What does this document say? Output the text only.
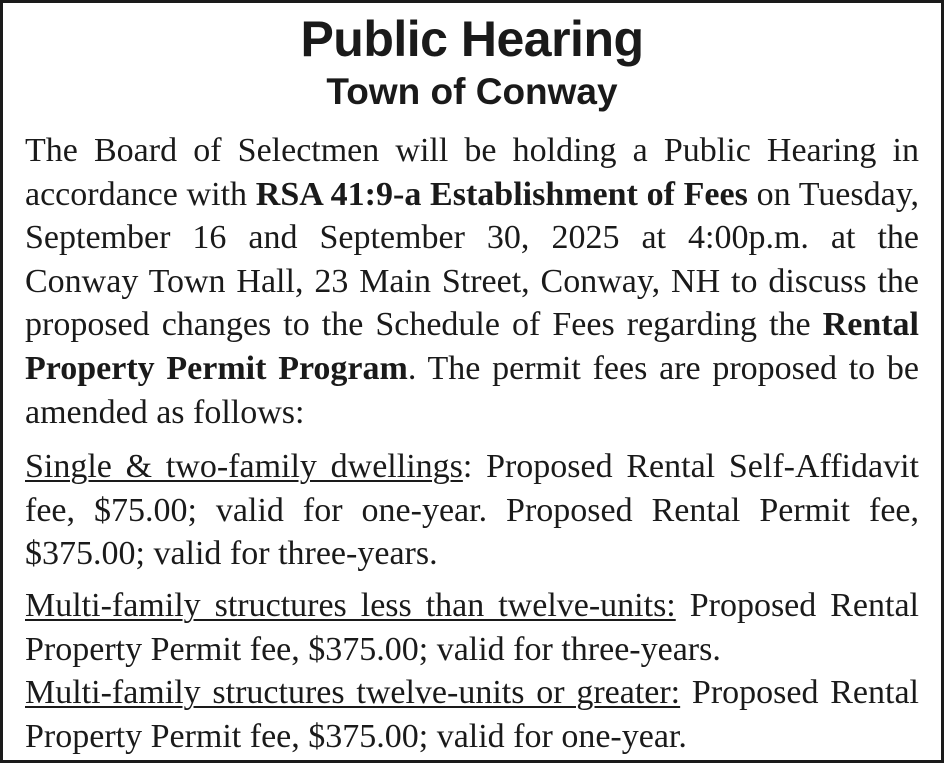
Public Hearing
Town of Conway
The Board of Selectmen will be holding a Public Hearing in accordance with RSA 41:9-a Establishment of Fees on Tuesday, September 16 and September 30, 2025 at 4:00p.m. at the Conway Town Hall, 23 Main Street, Conway, NH to discuss the proposed changes to the Schedule of Fees regarding the Rental Property Permit Program. The permit fees are proposed to be amended as follows:
Single & two-family dwellings: Proposed Rental Self-Affidavit fee, $75.00; valid for one-year. Proposed Rental Permit fee, $375.00; valid for three-years.
Multi-family structures less than twelve-units: Proposed Rental Property Permit fee, $375.00; valid for three-years.
Multi-family structures twelve-units or greater: Proposed Rental Property Permit fee, $375.00; valid for one-year.
